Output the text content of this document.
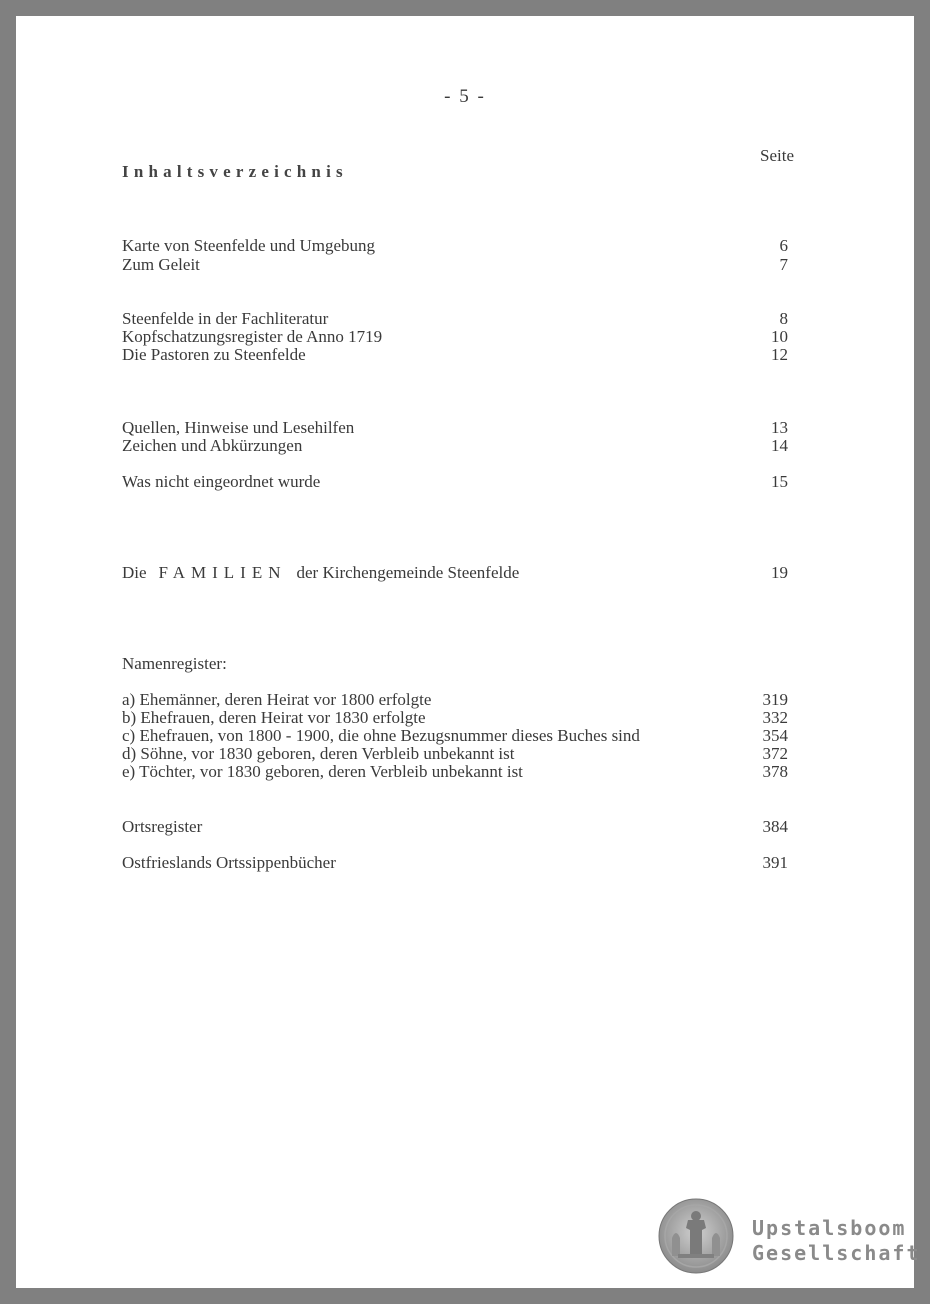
- 5 -
Inhaltsverzeichnis
Seite
Karte von Steenfelde und Umgebung	6
Zum Geleit	7
Steenfelde in der Fachliteratur	8
Kopfschatzungsregister de Anno 1719	10
Die Pastoren zu Steenfelde	12
Quellen, Hinweise und Lesehilfen	13
Zeichen und Abkürzungen	14
Was nicht eingeordnet wurde	15
Die FAMILIEN der Kirchengemeinde Steenfelde	19
Namenregister:
a) Ehemänner, deren Heirat vor 1800 erfolgte	319
b) Ehefrauen, deren Heirat vor 1830 erfolgte	332
c) Ehefrauen, von 1800 - 1900, die ohne Bezugsnummer dieses Buches sind	354
d) Söhne, vor 1830 geboren, deren Verbleib unbekannt ist	372
e) Töchter, vor 1830 geboren, deren Verbleib unbekannt ist	378
Ortsregister	384
Ostfrieslands Ortssippenbücher	391
Upstalsboom
Gesellschaft
